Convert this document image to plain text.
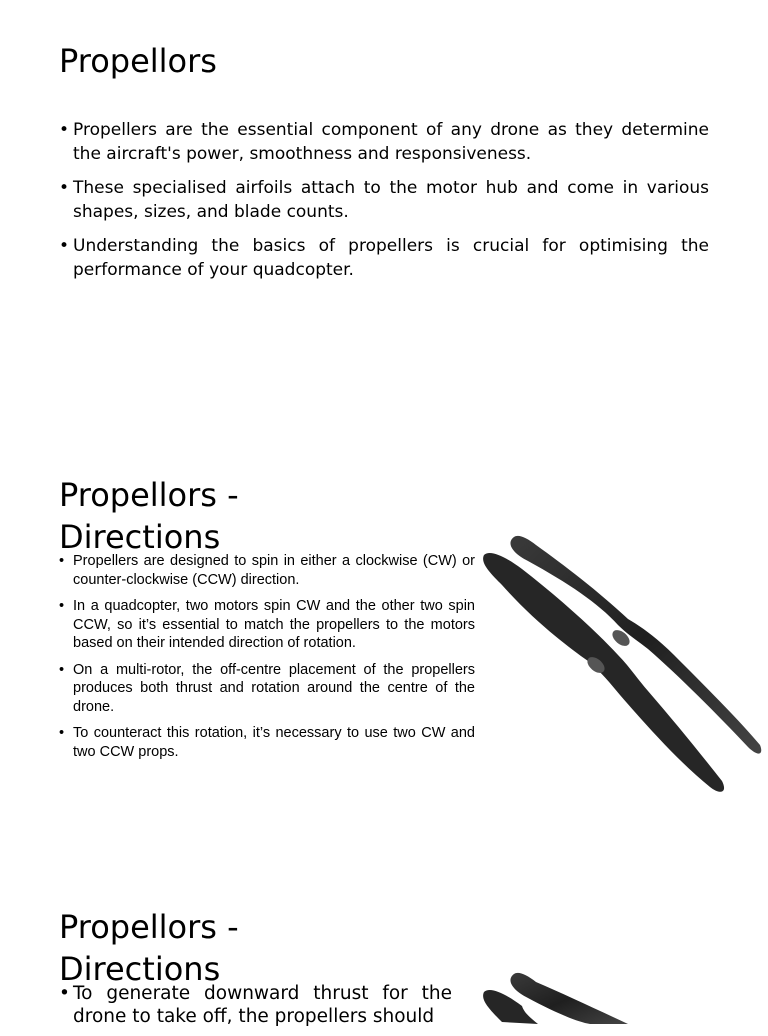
Propellors
• Propellers are the essential component of any drone as they determine the aircraft's power, smoothness and responsiveness.
• These specialised airfoils attach to the motor hub and come in various shapes, sizes, and blade counts.
• Understanding the basics of propellers is crucial for optimising the performance of your quadcopter.
Propellors -
Directions
• Propellers are designed to spin in either a clockwise (CW) or counter-clockwise (CCW) direction.
• In a quadcopter, two motors spin CW and the other two spin CCW, so it’s essential to match the propellers to the motors based on their intended direction of rotation.
• On a multi-rotor, the off-centre placement of the propellers produces both thrust and rotation around the centre of the drone.
• To counteract this rotation, it’s necessary to use two CW and two CCW props.
Propellors -
Directions
• To generate downward thrust for the drone to take off, the propellers should
